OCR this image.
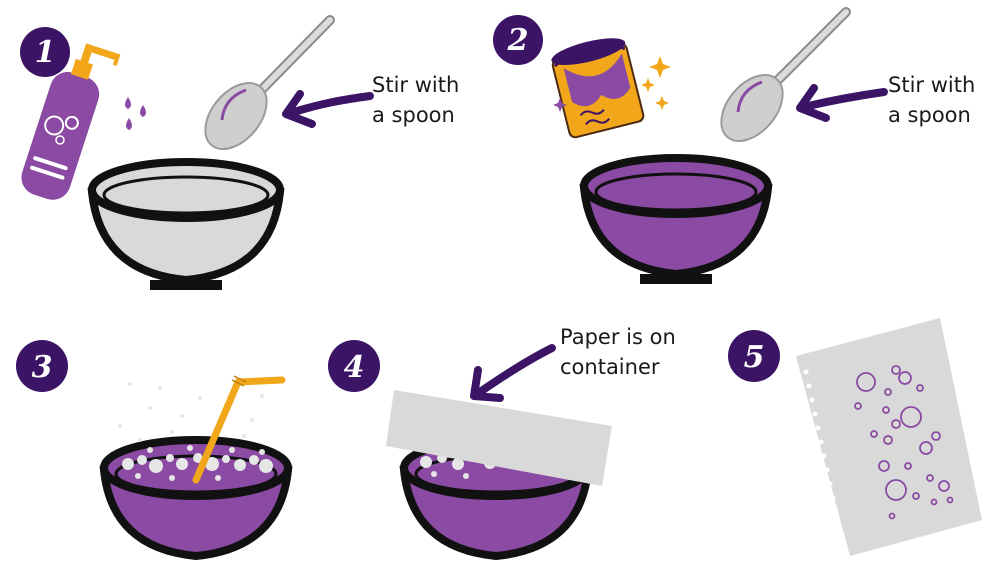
1
Stir with
a spoon
2
Stir with
a spoon
3	4
Paper is on
container	5
